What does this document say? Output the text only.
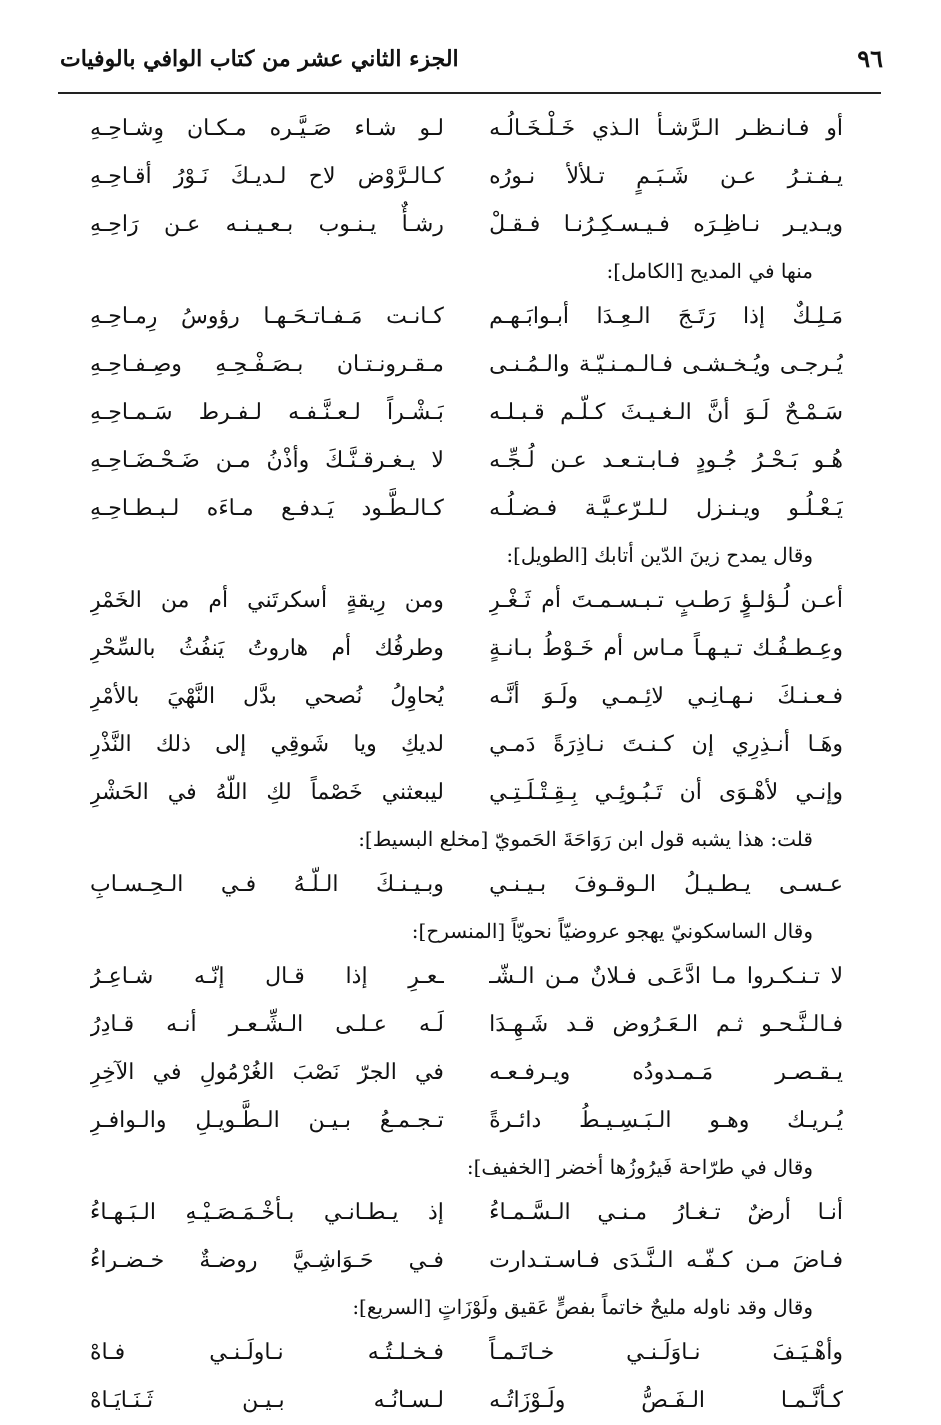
٩٦
الجزء الثاني عشر من كتاب الوافي بالوفيات
أو فـانـظـر الـرَّشـأ الـذي خَـلْـخَـالُـه
لـو شـاء صَـيَّـره مـكـان وِشـاحِـهِ
يـفـتـرُ عـن شَـبَـمٍ تـلألأ نـورُه
كـالـرَّوْض لاح لـديـكَ نَـوْرُ أقـاحِـهِ
ويـديـر نـاظِـرَه فـيـسـكِـرُنـا فـقـلْ
رشـأٌ يـنـوب بـعـيـنـه عـن رَاحِـهِ
منها في المديح [الكامل]:
مَـلِـكٌ إذا رَتَـجَ الـعِـدَا أبـوابَـهـم
كـانـت مَـفـاتـحَـهـا رؤوسُ رِمـاحِـهِ
يُـرجـى ويُـخـشـى فـالـمـنـيّـة والـمُـنـى
مـقـرونـتـان بـصَـفْـحِـهِ وصِـفـاحِـهِ
سَـمْـحٌ لَـوَ أنَّ الـغـيـثَ كـلّـم قـبـلـه
بَـشْـراً لـعـنَّـفـه لـفـرط سَـمـاحِـهِ
هُـو بَـحْـرُ جُـودٍ فـابـتـعـد عـن لُـجِّـه
لا يـغـرقـنَّـكَ وأذْنُ مـن ضَـحْـضَـاحِـهِ
يَـعْـلُـو ويـنـزل لـلـرّعـيَّـة فـضـلُـه
كـالـطَّـود يَـدفـع مـاءَه لـبـطـاحِـهِ
وقال يمدح زينَ الدّين أتابك [الطويل]:
أعـن لُـؤلـؤٍ رَطـبٍ تـبـسـمـتَ أم ثَـغْـرِ
ومن رِيقةٍ أسكرتَني أم من الخَمْرِ
وعِـطـفُـك تـيـهـاً مـاس أم خَـوْطُ بـانـةٍ
وطرفُك أم هاروتُ يَنفُثُ بالسِّحْرِ
فـعـنـكَ نـهـانِـي لائِـمـي ولَـوَ أنَّـه
يُحاوِلُ نُصحي بدَّل النَّهْيَ بالأمْرِ
وهَـا أنـذِرِي إن كـنـتَ نـاذِرَةً دَمـي
لديكِ ويا شَوقِي إلى ذلك النَّذْرِ
وإنـي لأهْـوَى أن تَـبُـوئِـي بِـقِـتْـلَـتِـي
ليبعثني خَصْماً لكِ اللّهُ في الحَشْرِ
قلت: هذا يشبه قول ابن رَوَاحَةَ الحَمويّ [مخلع البسيط]:
عـسـى يـطـيـلُ الـوقـوفَ بـيـنـي
وبـيـنـكَ الـلّـهُ فـي الـحِـسـابِ
وقال الساسكونيّ يهجو عروضيّاً نحويّاً [المنسرح]:
لا تـنـكـروا مـا ادَّعَـى فـلانٌ مـن الـشّـ
ـعـرِ إذا قـال إنّـه شـاعِـرُ
فـالـنَّـحـو ثـم الـعَـرُوض قـد شَـهِـدَا
لَـه عـلـى الـشِّـعـر أنـه قـادِرُ
يـقـصـر مَـمـدودُه ويـرفـعـه
في الجرّ نَصْبَ الغُرْمُولِ في الآخِرِ
يُـريـك وهـو الـبَـسِـيـطُ دائـرةً
تـجـمـعُ بـيـن الـطَّـويـلِ والـوافـرِ
وقال في طرّاحة فَيرُوزُها أخضر [الخفيف]:
أنـا أرضٌ تـغـارُ مـنـي الـسَّـمـاءُ
إذ يـطـانـي بـأخْـمَـصَـيْـهِ الـبَـهـاءُ
فـاضَ مـن كـفّـه الـنَّـدَى فـاسـتـدارت
فـي حَـوَاشِـيَّ روضـةٌ خـضـراءُ
وقال وقد ناوله مليحٌ خاتماً بفصٍّ عَقيق ولَوْزَاتٍ [السريع]:
وأهْـيَـفَ نـاوَلَـنـي خـاتَـمـاً
فـخـلـتُـه نـاولَـنـي فـاهْ
كـأنَّـمـا الـفَـصُّ ولَـوْزَاتُـه
لـسـانُـه بـيـن ثَـنَـايَـاهْ
